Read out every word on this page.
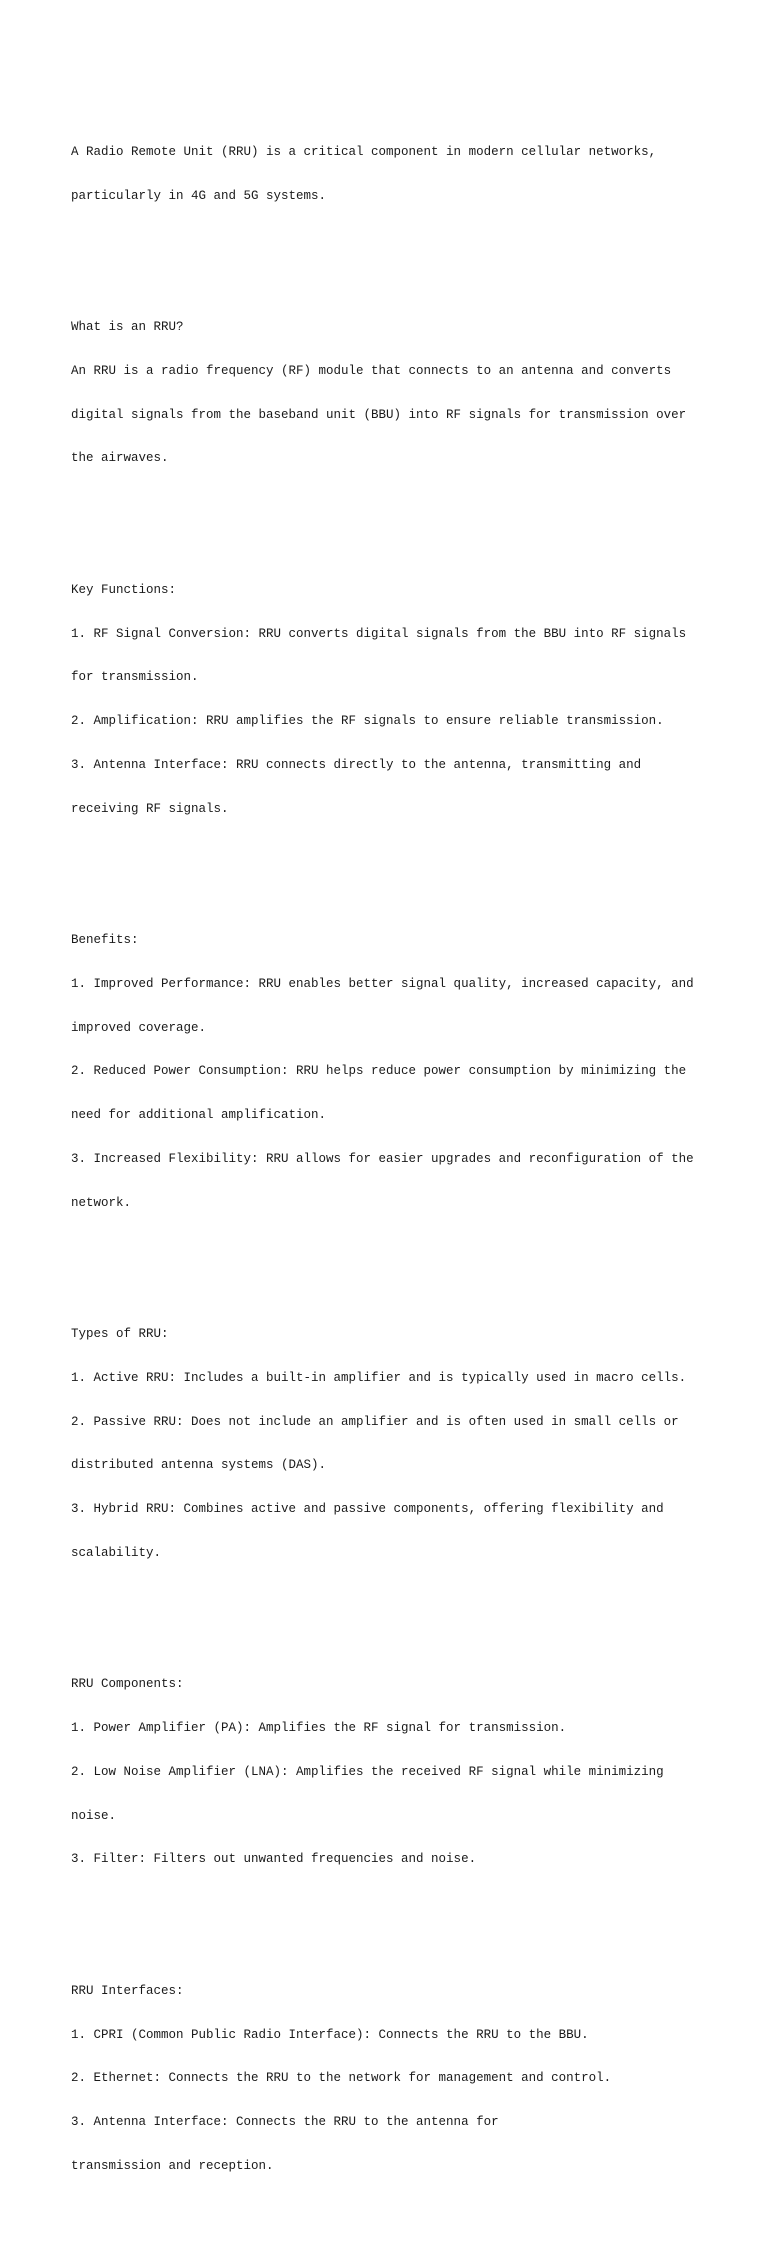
A Radio Remote Unit (RRU) is a critical component in modern cellular networks,

particularly in 4G and 5G systems.

What is an RRU?

An RRU is a radio frequency (RF) module that connects to an antenna and converts

digital signals from the baseband unit (BBU) into RF signals for transmission over

the airwaves.

Key Functions:

1. RF Signal Conversion: RRU converts digital signals from the BBU into RF signals

for transmission.

2. Amplification: RRU amplifies the RF signals to ensure reliable transmission.

3. Antenna Interface: RRU connects directly to the antenna, transmitting and

receiving RF signals.

Benefits:

1. Improved Performance: RRU enables better signal quality, increased capacity, and

improved coverage.

2. Reduced Power Consumption: RRU helps reduce power consumption by minimizing the

need for additional amplification.

3. Increased Flexibility: RRU allows for easier upgrades and reconfiguration of the

network.

Types of RRU:

1. Active RRU: Includes a built-in amplifier and is typically used in macro cells.

2. Passive RRU: Does not include an amplifier and is often used in small cells or

distributed antenna systems (DAS).

3. Hybrid RRU: Combines active and passive components, offering flexibility and

scalability.

RRU Components:

1. Power Amplifier (PA): Amplifies the RF signal for transmission.

2. Low Noise Amplifier (LNA): Amplifies the received RF signal while minimizing

noise.

3. Filter: Filters out unwanted frequencies and noise.

RRU Interfaces:

1. CPRI (Common Public Radio Interface): Connects the RRU to the BBU.

2. Ethernet: Connects the RRU to the network for management and control.

3. Antenna Interface: Connects the RRU to the antenna for

transmission and reception.
